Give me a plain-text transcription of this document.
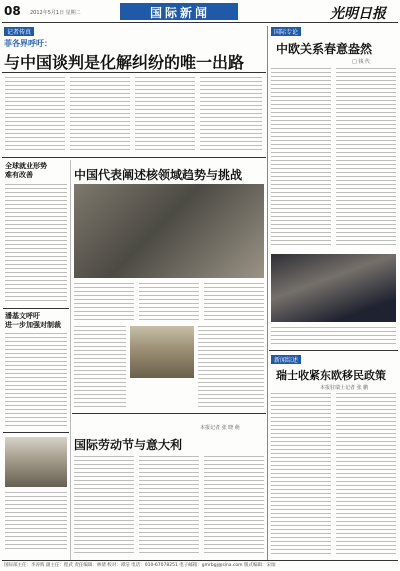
08 2012年5月1日 星期二	国际新闻	光明日报
记者传真
菲各界呼吁：
与中国谈判是化解纠纷的唯一出路
全球就业形势
难有改善
潘基文呼吁
进一步加强对制裁
中国代表阐述核领域趋势与挑战
国际劳动节与意大利
本报记者 张 晓 萌
国际专论
中欧关系春意盎然
□ 钱 代
新闻综述
瑞士收紧东欧移民政策
本报驻瑞士记者 张 鹏
国际部主任：李涛辉 副主任：程武 责任编辑：林倩 校对：谭洁 电话：010-67078251 电子邮箱：gmrbgj@sina.com 版式编辑：宋灿
